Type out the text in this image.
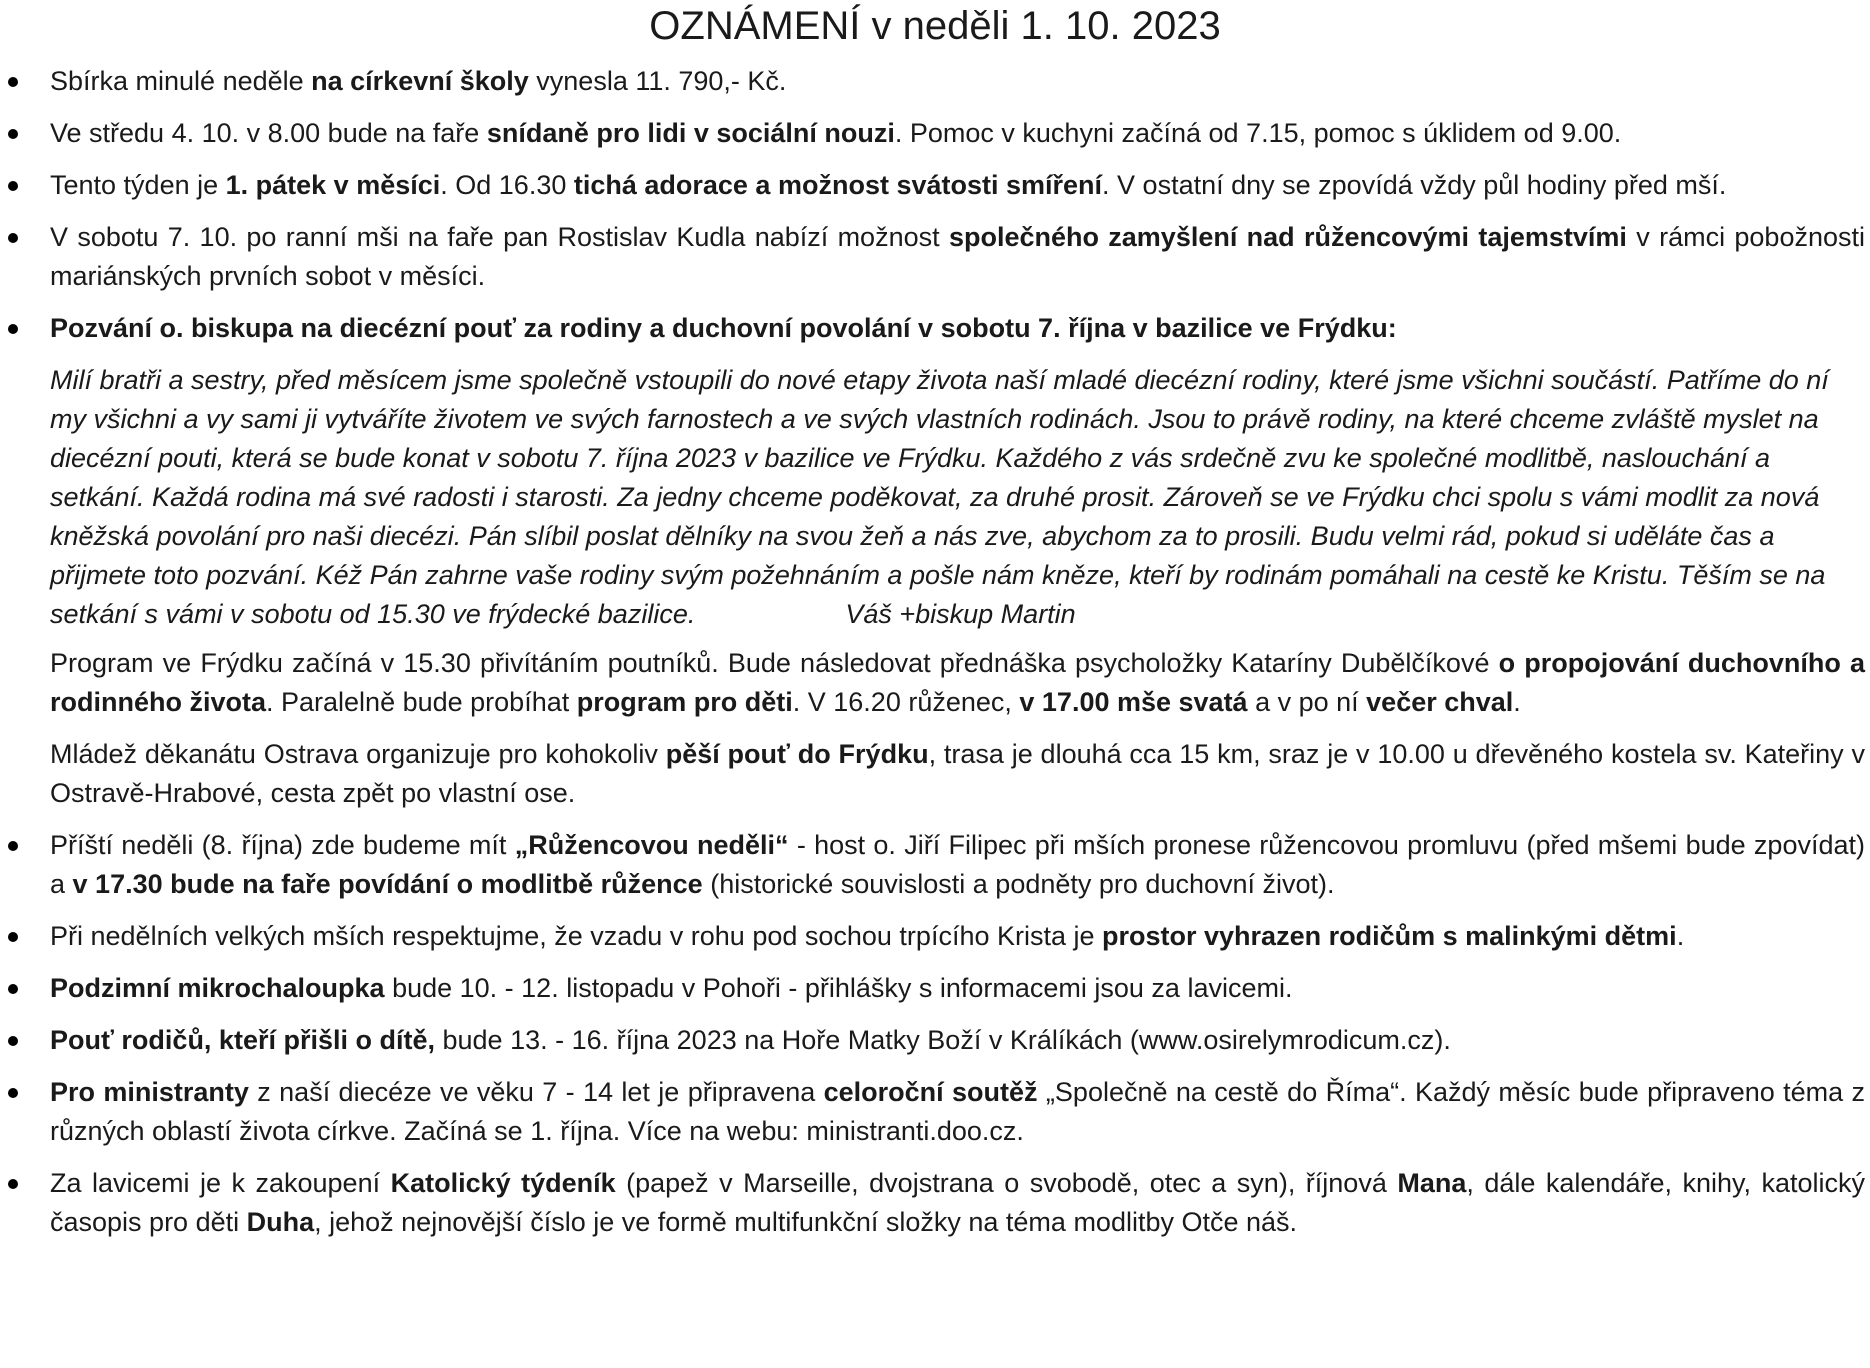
OZNÁMENÍ v neděli 1. 10. 2023
Sbírka minulé neděle na církevní školy vynesla 11. 790,- Kč.
Ve středu 4. 10. v 8.00 bude na faře snídaně pro lidi v sociální nouzi. Pomoc v kuchyni začíná od 7.15, pomoc s úklidem od 9.00.
Tento týden je 1. pátek v měsíci. Od 16.30 tichá adorace a možnost svátosti smíření. V ostatní dny se zpovídá vždy půl hodiny před mší.
V sobotu 7. 10. po ranní mši na faře pan Rostislav Kudla nabízí možnost společného zamyšlení nad růžencovými tajemstvími v rámci pobožnosti mariánských prvních sobot v měsíci.
Pozvání o. biskupa na diecézní pouť za rodiny a duchovní povolání v sobotu 7. října v bazilice ve Frýdku:
Milí bratři a sestry, před měsícem jsme společně vstoupili do nové etapy života naší mladé diecézní rodiny, které jsme všichni součástí. Patříme do ní my všichni a vy sami ji vytváříte životem ve svých farnostech a ve svých vlastních rodinách. Jsou to právě rodiny, na které chceme zvláště myslet na diecézní pouti, která se bude konat v sobotu 7. října 2023 v bazilice ve Frýdku. Každého z vás srdečně zvu ke společné modlitbě, naslouchání a setkání. Každá rodina má své radosti i starosti. Za jedny chceme poděkovat, za druhé prosit. Zároveň se ve Frýdku chci spolu s vámi modlit za nová kněžská povolání pro naši diecézi. Pán slíbil poslat dělníky na svou žeň a nás zve, abychom za to prosili. Budu velmi rád, pokud si uděláte čas a přijmete toto pozvání. Kéž Pán zahrne vaše rodiny svým požehnáním a pošle nám kněze, kteří by rodinám pomáhali na cestě ke Kristu. Těším se na setkání s vámi v sobotu od 15.30 ve frýdecké bazilice.	Váš +biskup Martin
Program ve Frýdku začíná v 15.30 přivítáním poutníků. Bude následovat přednáška psycholožky Kataríny Dubělčíkové o propojování duchovního a rodinného života. Paralelně bude probíhat program pro děti. V 16.20 růženec, v 17.00 mše svatá a v po ní večer chval.
Mládež děkanátu Ostrava organizuje pro kohokoliv pěší pouť do Frýdku, trasa je dlouhá cca 15 km, sraz je v 10.00 u dřevěného kostela sv. Kateřiny v Ostravě-Hrabové, cesta zpět po vlastní ose.
Příští neděli (8. října) zde budeme mít „Růžencovou neděli“ - host o. Jiří Filipec při mších pronese růžencovou promluvu (před mšemi bude zpovídat) a v 17.30 bude na faře povídání o modlitbě růžence (historické souvislosti a podněty pro duchovní život).
Při nedělních velkých mších respektujme, že vzadu v rohu pod sochou trpícího Krista je prostor vyhrazen rodičům s malinkými dětmi.
Podzimní mikrochaloupka bude 10. - 12. listopadu v Pohoři - přihlášky s informacemi jsou za lavicemi.
Pouť rodičů, kteří přišli o dítě, bude 13. - 16. října 2023 na Hoře Matky Boží v Králíkách (www.osirelymrodicum.cz).
Pro ministranty z naší diecéze ve věku 7 - 14 let je připravena celoroční soutěž „Společně na cestě do Říma“. Každý měsíc bude připraveno téma z různých oblastí života církve. Začíná se 1. října. Více na webu: ministranti.doo.cz.
Za lavicemi je k zakoupení Katolický týdeník (papež v Marseille, dvojstrana o svobodě, otec a syn), říjnová Mana, dále kalendáře, knihy, katolický časopis pro děti Duha, jehož nejnovější číslo je ve formě multifunkční složky na téma modlitby Otče náš.
